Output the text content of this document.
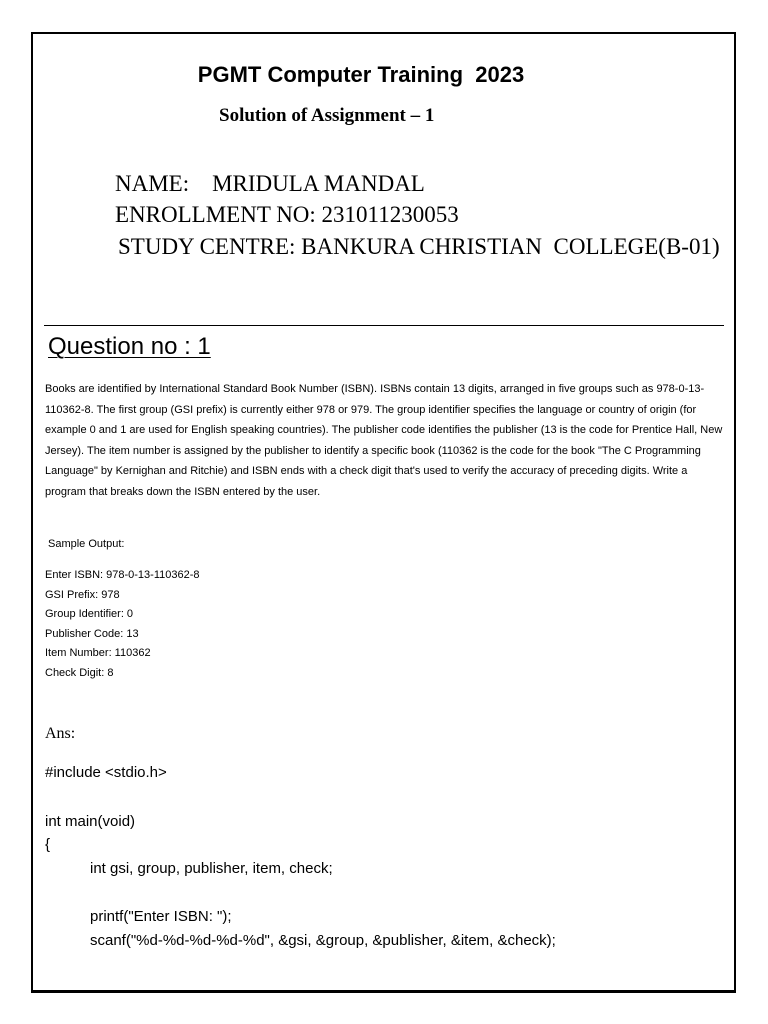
PGMT Computer Training  2023
Solution of Assignment – 1
NAME:    MRIDULA MANDAL
ENROLLMENT NO: 231011230053
STUDY CENTRE: BANKURA CHRISTIAN  COLLEGE(B-01)
Question no : 1

Books are identified by International Standard Book Number (ISBN). ISBNs contain 13 digits, arranged in five groups such as 978-0-13-110362-8. The first group (GSI prefix) is currently either 978 or 979. The group identifier specifies the language or country of origin (for example 0 and 1 are used for English speaking countries). The publisher code identifies the publisher (13 is the code for Prentice Hall, New Jersey). The item number is assigned by the publisher to identify a specific book (110362 is the code for the book "The C Programming Language" by Kernighan and Ritchie) and ISBN ends with a check digit that's used to verify the accuracy of preceding digits. Write a program that breaks down the ISBN entered by the user.

Sample Output:
Enter ISBN: 978-0-13-110362-8
GSI Prefix: 978
Group Identifier: 0
Publisher Code: 13
Item Number: 110362
Check Digit: 8
Ans:
#include <stdio.h>
int main(void)
{
int gsi, group, publisher, item, check;
printf("Enter ISBN: ");
scanf("%d-%d-%d-%d-%d", &gsi, &group, &publisher, &item, &check);
